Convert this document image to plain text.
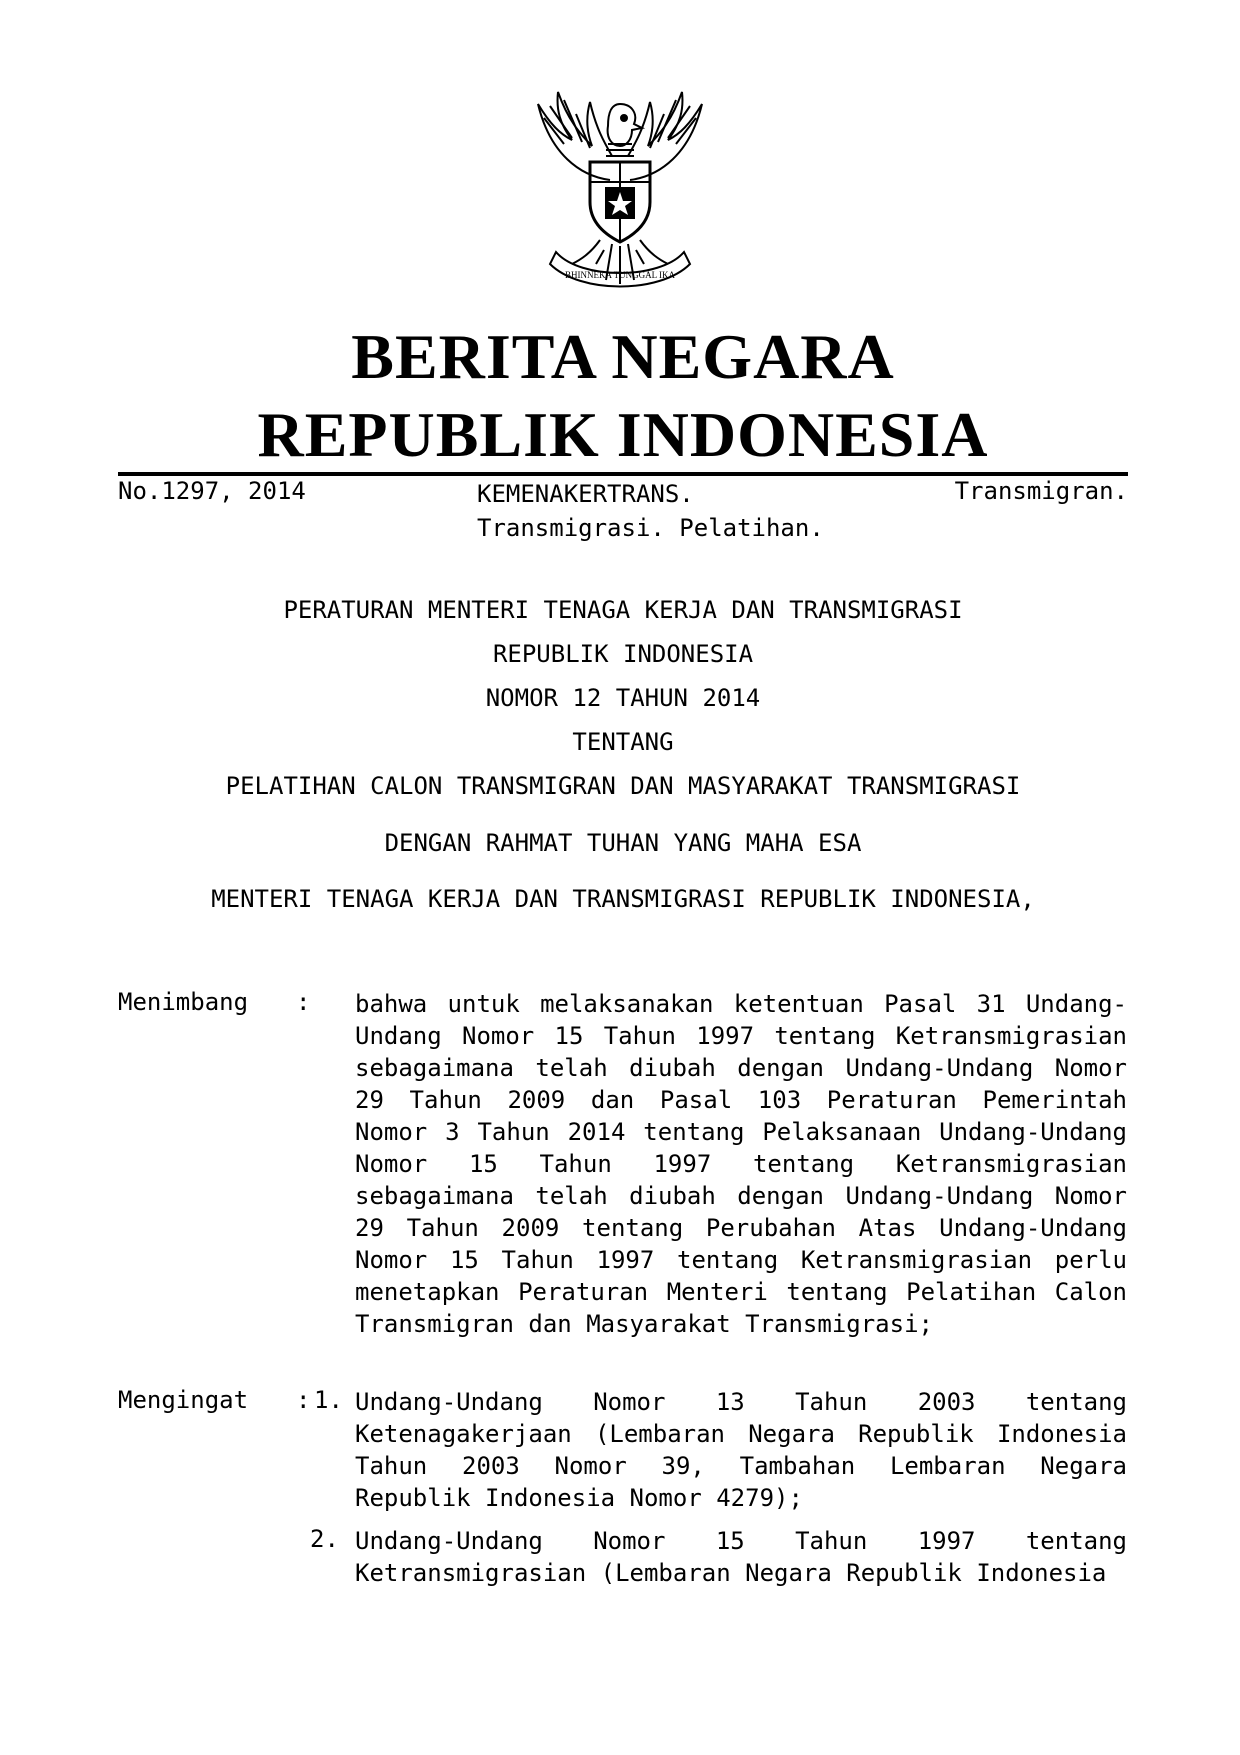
BHINNEKA TUNGGAL IKA
BERITA NEGARA
REPUBLIK INDONESIA
No.1297, 2014	KEMENAKERTRANS.
Transmigrasi. Pelatihan.
Transmigran.
PERATURAN MENTERI TENAGA KERJA DAN TRANSMIGRASI
REPUBLIK INDONESIA
NOMOR 12 TAHUN 2014
TENTANG
PELATIHAN CALON TRANSMIGRAN DAN MASYARAKAT TRANSMIGRASI
DENGAN RAHMAT TUHAN YANG MAHA ESA
MENTERI TENAGA KERJA DAN TRANSMIGRASI REPUBLIK INDONESIA,
Menimbang : bahwa untuk melaksanakan ketentuan Pasal 31 Undang-Undang Nomor 15 Tahun 1997 tentang Ketransmigrasian sebagaimana telah diubah dengan Undang-Undang Nomor 29 Tahun 2009 dan Pasal 103 Peraturan Pemerintah Nomor 3 Tahun 2014 tentang Pelaksanaan Undang-Undang Nomor 15 Tahun 1997 tentang Ketransmigrasian sebagaimana telah diubah dengan Undang-Undang Nomor 29 Tahun 2009 tentang Perubahan Atas Undang-Undang Nomor 15 Tahun 1997 tentang Ketransmigrasian perlu menetapkan Peraturan Menteri tentang Pelatihan Calon Transmigran dan Masyarakat Transmigrasi;
Mengingat : 1. Undang-Undang Nomor 13 Tahun 2003 tentang Ketenagakerjaan (Lembaran Negara Republik Indonesia Tahun 2003 Nomor 39, Tambahan Lembaran Negara Republik Indonesia Nomor 4279);
2. Undang-Undang Nomor 15 Tahun 1997 tentang Ketransmigrasian (Lembaran Negara Republik Indonesia
